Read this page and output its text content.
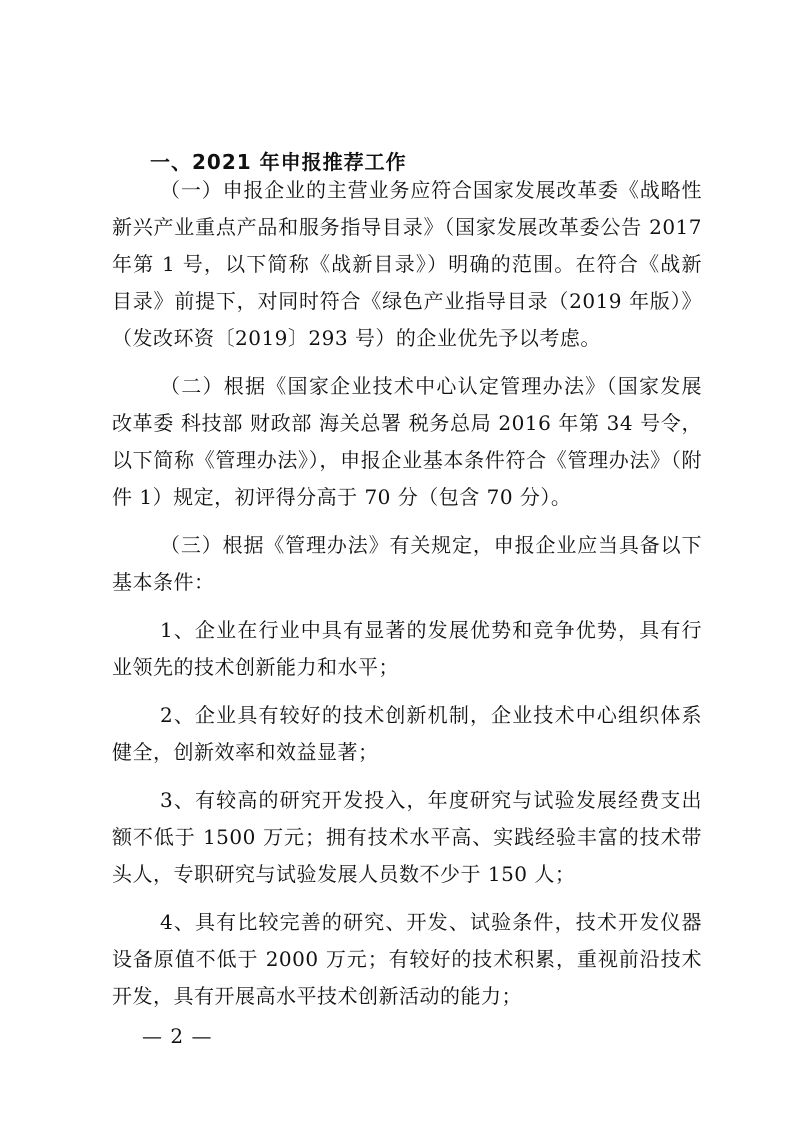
一、2021 年申报推荐工作

（一）申报企业的主营业务应符合国家发展改革委《战略性新兴产业重点产品和服务指导目录》（国家发展改革委公告 2017 年第 1 号，以下简称《战新目录》）明确的范围。在符合《战新目录》前提下，对同时符合《绿色产业指导目录（2019 年版）》（发改环资〔2019〕293 号）的企业优先予以考虑。

（二）根据《国家企业技术中心认定管理办法》（国家发展改革委 科技部 财政部 海关总署 税务总局 2016 年第 34 号令，以下简称《管理办法》），申报企业基本条件符合《管理办法》（附件 1）规定，初评得分高于 70 分（包含 70 分）。

（三）根据《管理办法》有关规定，申报企业应当具备以下基本条件：

1、企业在行业中具有显著的发展优势和竞争优势，具有行业领先的技术创新能力和水平；

2、企业具有较好的技术创新机制，企业技术中心组织体系健全，创新效率和效益显著；

3、有较高的研究开发投入，年度研究与试验发展经费支出额不低于 1500 万元；拥有技术水平高、实践经验丰富的技术带头人，专职研究与试验发展人员数不少于 150 人；

4、具有比较完善的研究、开发、试验条件，技术开发仪器设备原值不低于 2000 万元；有较好的技术积累，重视前沿技术开发，具有开展高水平技术创新活动的能力；

— 2 —
